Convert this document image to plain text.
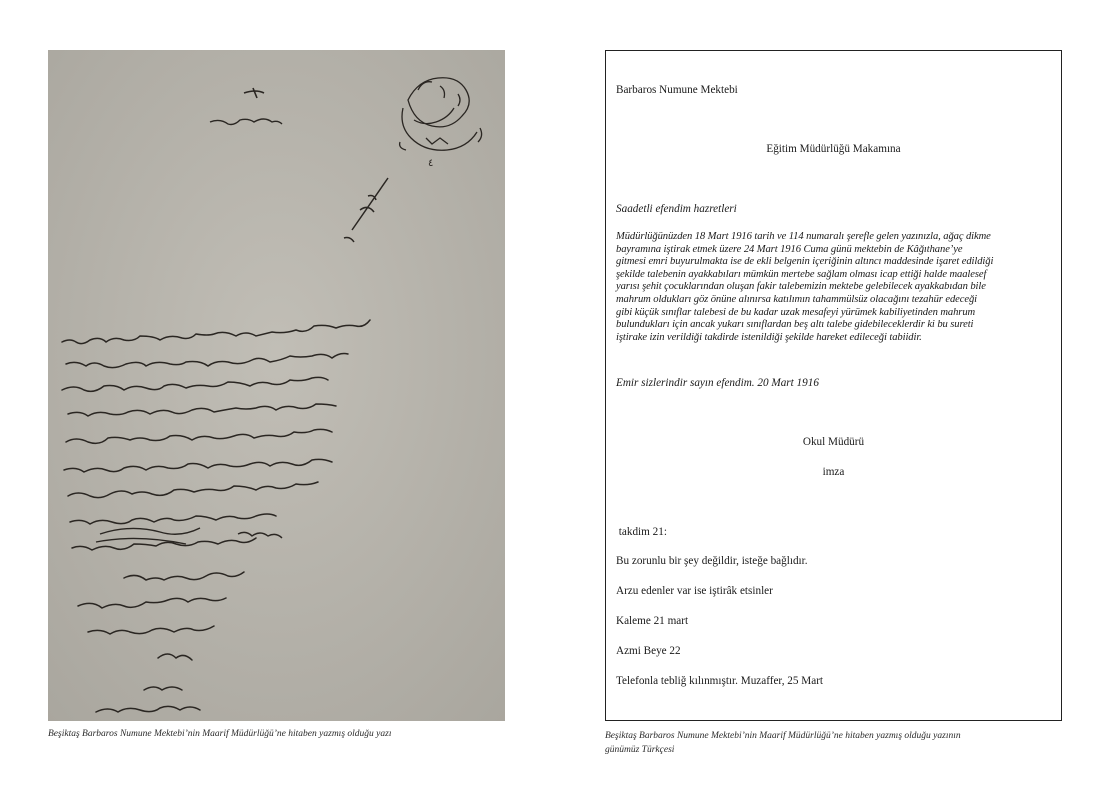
٤
Beşiktaş Barbaros Numune Mektebi’nin Maarif Müdürlüğü’ne hitaben yazmış olduğu yazı

Barbaros Numune Mektebi

Eğitim Müdürlüğü Makamına

Saadetli efendim hazretleri

Müdürlüğünüzden 18 Mart 1916 tarih ve 114 numaralı şerefle gelen yazınızla, ağaç dikme
bayramına iştirak etmek üzere 24 Mart 1916 Cuma günü mektebin de Kâğıthane’ye
gitmesi emri buyurulmakta ise de ekli belgenin içeriğinin altıncı maddesinde işaret edildiği
şekilde talebenin ayakkabıları mümkün mertebe sağlam olması icap ettiği halde maalesef
yarısı şehit çocuklarından oluşan fakir talebemizin mektebe gelebilecek ayakkabıdan bile
mahrum oldukları göz önüne alınırsa katılımın tahammülsüz olacağını tezahür edeceği
gibi küçük sınıflar talebesi de bu kadar uzak mesafeyi yürümek kabiliyetinden mahrum
bulundukları için ancak yukarı sınıflardan beş altı talebe gidebileceklerdir ki bu sureti
iştirake izin verildiği takdirde istenildiği şekilde hareket edileceği tabiidir.

Emir sizlerindir sayın efendim. 20 Mart 1916

Okul Müdürü

imza

takdim 21:

Bu zorunlu bir şey değildir, isteğe bağlıdır.

Arzu edenler var ise iştirâk etsinler

Kaleme 21 mart

Azmi Beye 22

Telefonla tebliğ kılınmıştır. Muzaffer, 25 Mart

Beşiktaş Barbaros Numune Mektebi’nin Maarif Müdürlüğü’ne hitaben yazmış olduğu yazının
günümüz Türkçesi
